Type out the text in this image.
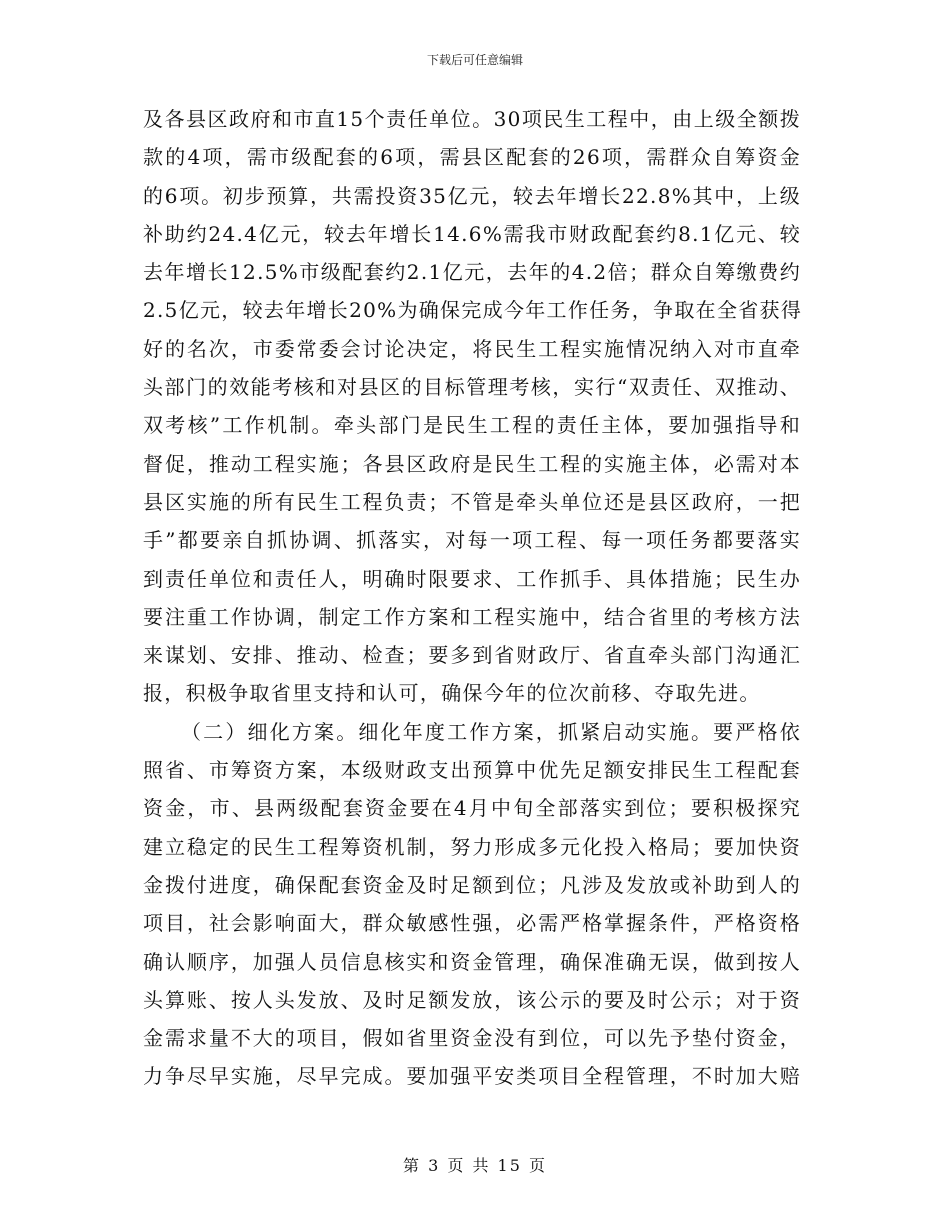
下载后可任意编辑
及各县区政府和市直15个责任单位。30项民生工程中，由上级全额拨
款的4项，需市级配套的6项，需县区配套的26项，需群众自筹资金
的6项。初步预算，共需投资35亿元，较去年增长22.8%其中，上级
补助约24.4亿元，较去年增长14.6%需我市财政配套约8.1亿元、较
去年增长12.5%市级配套约2.1亿元，去年的4.2倍；群众自筹缴费约
2.5亿元，较去年增长20%为确保完成今年工作任务，争取在全省获得
好的名次，市委常委会讨论决定，将民生工程实施情况纳入对市直牵
头部门的效能考核和对县区的目标管理考核，实行“双责任、双推动、
双考核”工作机制。牵头部门是民生工程的责任主体，要加强指导和
督促，推动工程实施；各县区政府是民生工程的实施主体，必需对本
县区实施的所有民生工程负责；不管是牵头单位还是县区政府，一把
手”都要亲自抓协调、抓落实，对每一项工程、每一项任务都要落实
到责任单位和责任人，明确时限要求、工作抓手、具体措施；民生办
要注重工作协调，制定工作方案和工程实施中，结合省里的考核方法
来谋划、安排、推动、检查；要多到省财政厅、省直牵头部门沟通汇
报，积极争取省里支持和认可，确保今年的位次前移、夺取先进。
（二）细化方案。细化年度工作方案，抓紧启动实施。要严格依
照省、市筹资方案，本级财政支出预算中优先足额安排民生工程配套
资金，市、县两级配套资金要在4月中旬全部落实到位；要积极探究
建立稳定的民生工程筹资机制，努力形成多元化投入格局；要加快资
金拨付进度，确保配套资金及时足额到位；凡涉及发放或补助到人的
项目，社会影响面大，群众敏感性强，必需严格掌握条件，严格资格
确认顺序，加强人员信息核实和资金管理，确保准确无误，做到按人
头算账、按人头发放、及时足额发放，该公示的要及时公示；对于资
金需求量不大的项目，假如省里资金没有到位，可以先予垫付资金，
力争尽早实施，尽早完成。要加强平安类项目全程管理，不时加大赔
第 3 页 共 15 页
